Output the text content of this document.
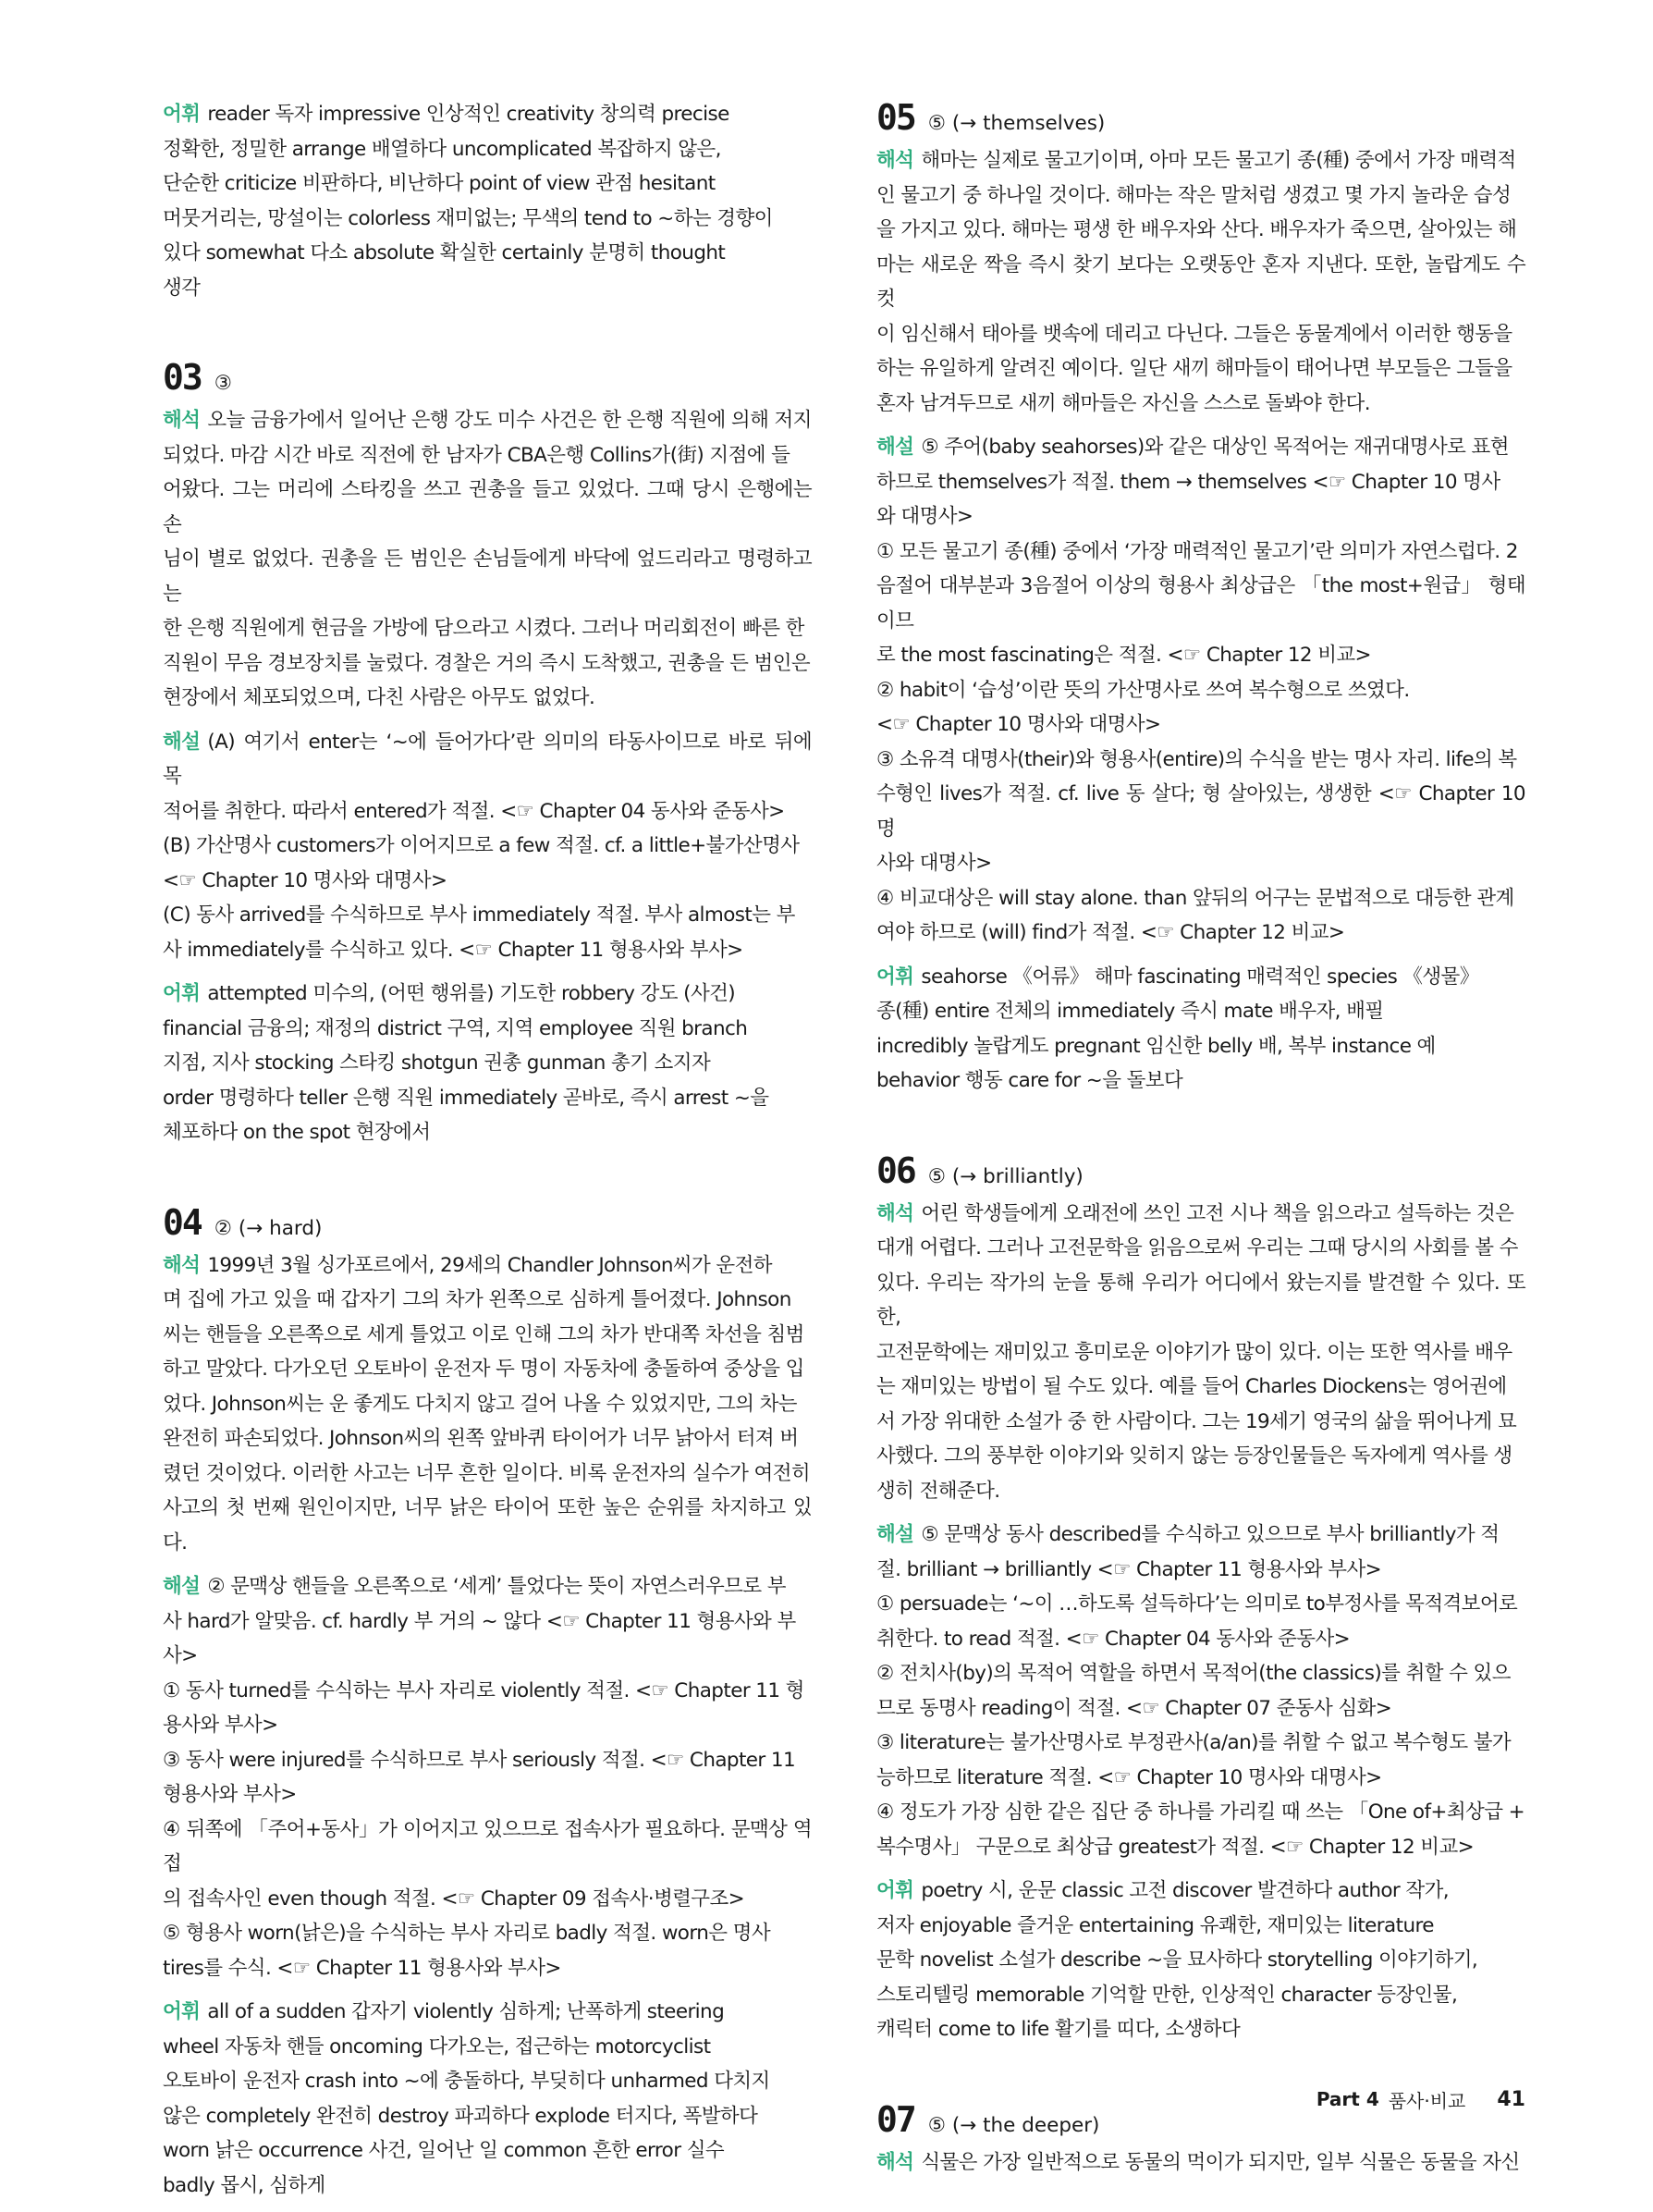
어휘 reader 독자 impressive 인상적인 creativity 창의력 precise
정확한, 정밀한 arrange 배열하다 uncomplicated 복잡하지 않은,
단순한 criticize 비판하다, 비난하다 point of view 관점 hesitant
머뭇거리는, 망설이는 colorless 재미없는; 무색의 tend to ~하는 경향이
있다 somewhat 다소 absolute 확실한 certainly 분명히 thought
생각
03 ③
해석 오늘 금융가에서 일어난 은행 강도 미수 사건은 한 은행 직원에 의해 저지
되었다. 마감 시간 바로 직전에 한 남자가 CBA은행 Collins가(街) 지점에 들
어왔다. 그는 머리에 스타킹을 쓰고 권총을 들고 있었다. 그때 당시 은행에는 손
님이 별로 없었다. 권총을 든 범인은 손님들에게 바닥에 엎드리라고 명령하고는
한 은행 직원에게 현금을 가방에 담으라고 시켰다. 그러나 머리회전이 빠른 한
직원이 무음 경보장치를 눌렀다. 경찰은 거의 즉시 도착했고, 권총을 든 범인은
현장에서 체포되었으며, 다친 사람은 아무도 없었다.
해설 (A) 여기서 enter는 ‘~에 들어가다’란 의미의 타동사이므로 바로 뒤에 목
적어를 취한다. 따라서 entered가 적절. <☞ Chapter 04 동사와 준동사>
(B) 가산명사 customers가 이어지므로 a few 적절. cf. a little+불가산명사
<☞ Chapter 10 명사와 대명사>
(C) 동사 arrived를 수식하므로 부사 immediately 적절. 부사 almost는 부
사 immediately를 수식하고 있다. <☞ Chapter 11 형용사와 부사>
어휘 attempted 미수의, (어떤 행위를) 기도한 robbery 강도 (사건)
financial 금융의; 재정의 district 구역, 지역 employee 직원 branch
지점, 지사 stocking 스타킹 shotgun 권총 gunman 총기 소지자
order 명령하다 teller 은행 직원 immediately 곧바로, 즉시 arrest ~을
체포하다 on the spot 현장에서
04 ② (→ hard)
해석 1999년 3월 싱가포르에서, 29세의 Chandler Johnson씨가 운전하
며 집에 가고 있을 때 갑자기 그의 차가 왼쪽으로 심하게 틀어졌다. Johnson
씨는 핸들을 오른쪽으로 세게 틀었고 이로 인해 그의 차가 반대쪽 차선을 침범
하고 말았다. 다가오던 오토바이 운전자 두 명이 자동차에 충돌하여 중상을 입
었다. Johnson씨는 운 좋게도 다치지 않고 걸어 나올 수 있었지만, 그의 차는
완전히 파손되었다. Johnson씨의 왼쪽 앞바퀴 타이어가 너무 낡아서 터져 버
렸던 것이었다. 이러한 사고는 너무 흔한 일이다. 비록 운전자의 실수가 여전히
사고의 첫 번째 원인이지만, 너무 낡은 타이어 또한 높은 순위를 차지하고 있다.
해설 ② 문맥상 핸들을 오른쪽으로 ‘세게’ 틀었다는 뜻이 자연스러우므로 부
사 hard가 알맞음. cf. hardly 부 거의 ~ 않다 <☞ Chapter 11 형용사와 부
사>
① 동사 turned를 수식하는 부사 자리로 violently 적절. <☞ Chapter 11 형
용사와 부사>
③ 동사 were injured를 수식하므로 부사 seriously 적절. <☞ Chapter 11
형용사와 부사>
④ 뒤쪽에 「주어+동사」가 이어지고 있으므로 접속사가 필요하다. 문맥상 역접
의 접속사인 even though 적절. <☞ Chapter 09 접속사·병렬구조>
⑤ 형용사 worn(낡은)을 수식하는 부사 자리로 badly 적절. worn은 명사
tires를 수식. <☞ Chapter 11 형용사와 부사>
어휘 all of a sudden 갑자기 violently 심하게; 난폭하게 steering
wheel 자동차 핸들 oncoming 다가오는, 접근하는 motorcyclist
오토바이 운전자 crash into ~에 충돌하다, 부딪히다 unharmed 다치지
않은 completely 완전히 destroy 파괴하다 explode 터지다, 폭발하다
worn 낡은 occurrence 사건, 일어난 일 common 흔한 error 실수
badly 몹시, 심하게
05 ⑤ (→ themselves)
해석 해마는 실제로 물고기이며, 아마 모든 물고기 종(種) 중에서 가장 매력적
인 물고기 중 하나일 것이다. 해마는 작은 말처럼 생겼고 몇 가지 놀라운 습성
을 가지고 있다. 해마는 평생 한 배우자와 산다. 배우자가 죽으면, 살아있는 해
마는 새로운 짝을 즉시 찾기 보다는 오랫동안 혼자 지낸다. 또한, 놀랍게도 수컷
이 임신해서 태아를 뱃속에 데리고 다닌다. 그들은 동물계에서 이러한 행동을
하는 유일하게 알려진 예이다. 일단 새끼 해마들이 태어나면 부모들은 그들을
혼자 남겨두므로 새끼 해마들은 자신을 스스로 돌봐야 한다.
해설 ⑤ 주어(baby seahorses)와 같은 대상인 목적어는 재귀대명사로 표현
하므로 themselves가 적절. them → themselves <☞ Chapter 10 명사
와 대명사>
① 모든 물고기 종(種) 중에서 ‘가장 매력적인 물고기’란 의미가 자연스럽다. 2
음절어 대부분과 3음절어 이상의 형용사 최상급은 「the most+원급」 형태이므
로 the most fascinating은 적절. <☞ Chapter 12 비교>
② habit이 ‘습성’이란 뜻의 가산명사로 쓰여 복수형으로 쓰였다.
<☞ Chapter 10 명사와 대명사>
③ 소유격 대명사(their)와 형용사(entire)의 수식을 받는 명사 자리. life의 복
수형인 lives가 적절. cf. live 동 살다; 형 살아있는, 생생한 <☞ Chapter 10 명
사와 대명사>
④ 비교대상은 will stay alone. than 앞뒤의 어구는 문법적으로 대등한 관계
여야 하므로 (will) find가 적절. <☞ Chapter 12 비교>
어휘 seahorse 《어류》 해마 fascinating 매력적인 species 《생물》
종(種) entire 전체의 immediately 즉시 mate 배우자, 배필
incredibly 놀랍게도 pregnant 임신한 belly 배, 복부 instance 예
behavior 행동 care for ~을 돌보다
06 ⑤ (→ brilliantly)
해석 어린 학생들에게 오래전에 쓰인 고전 시나 책을 읽으라고 설득하는 것은
대개 어렵다. 그러나 고전문학을 읽음으로써 우리는 그때 당시의 사회를 볼 수
있다. 우리는 작가의 눈을 통해 우리가 어디에서 왔는지를 발견할 수 있다. 또한,
고전문학에는 재미있고 흥미로운 이야기가 많이 있다. 이는 또한 역사를 배우
는 재미있는 방법이 될 수도 있다. 예를 들어 Charles Diockens는 영어권에
서 가장 위대한 소설가 중 한 사람이다. 그는 19세기 영국의 삶을 뛰어나게 묘
사했다. 그의 풍부한 이야기와 잊히지 않는 등장인물들은 독자에게 역사를 생
생히 전해준다.
해설 ⑤ 문맥상 동사 described를 수식하고 있으므로 부사 brilliantly가 적
절. brilliant → brilliantly <☞ Chapter 11 형용사와 부사>
① persuade는 ‘~이 …하도록 설득하다’는 의미로 to부정사를 목적격보어로
취한다. to read 적절. <☞ Chapter 04 동사와 준동사>
② 전치사(by)의 목적어 역할을 하면서 목적어(the classics)를 취할 수 있으
므로 동명사 reading이 적절. <☞ Chapter 07 준동사 심화>
③ literature는 불가산명사로 부정관사(a/an)를 취할 수 없고 복수형도 불가
능하므로 literature 적절. <☞ Chapter 10 명사와 대명사>
④ 정도가 가장 심한 같은 집단 중 하나를 가리킬 때 쓰는 「One of+최상급 +
복수명사」 구문으로 최상급 greatest가 적절. <☞ Chapter 12 비교>
어휘 poetry 시, 운문 classic 고전 discover 발견하다 author 작가,
저자 enjoyable 즐거운 entertaining 유쾌한, 재미있는 literature
문학 novelist 소설가 describe ~을 묘사하다 storytelling 이야기하기,
스토리텔링 memorable 기억할 만한, 인상적인 character 등장인물,
캐릭터 come to life 활기를 띠다, 소생하다
07 ⑤ (→ the deeper)
해석 식물은 가장 일반적으로 동물의 먹이가 되지만, 일부 식물은 동물을 자신
Part 4 품사·비교 41
